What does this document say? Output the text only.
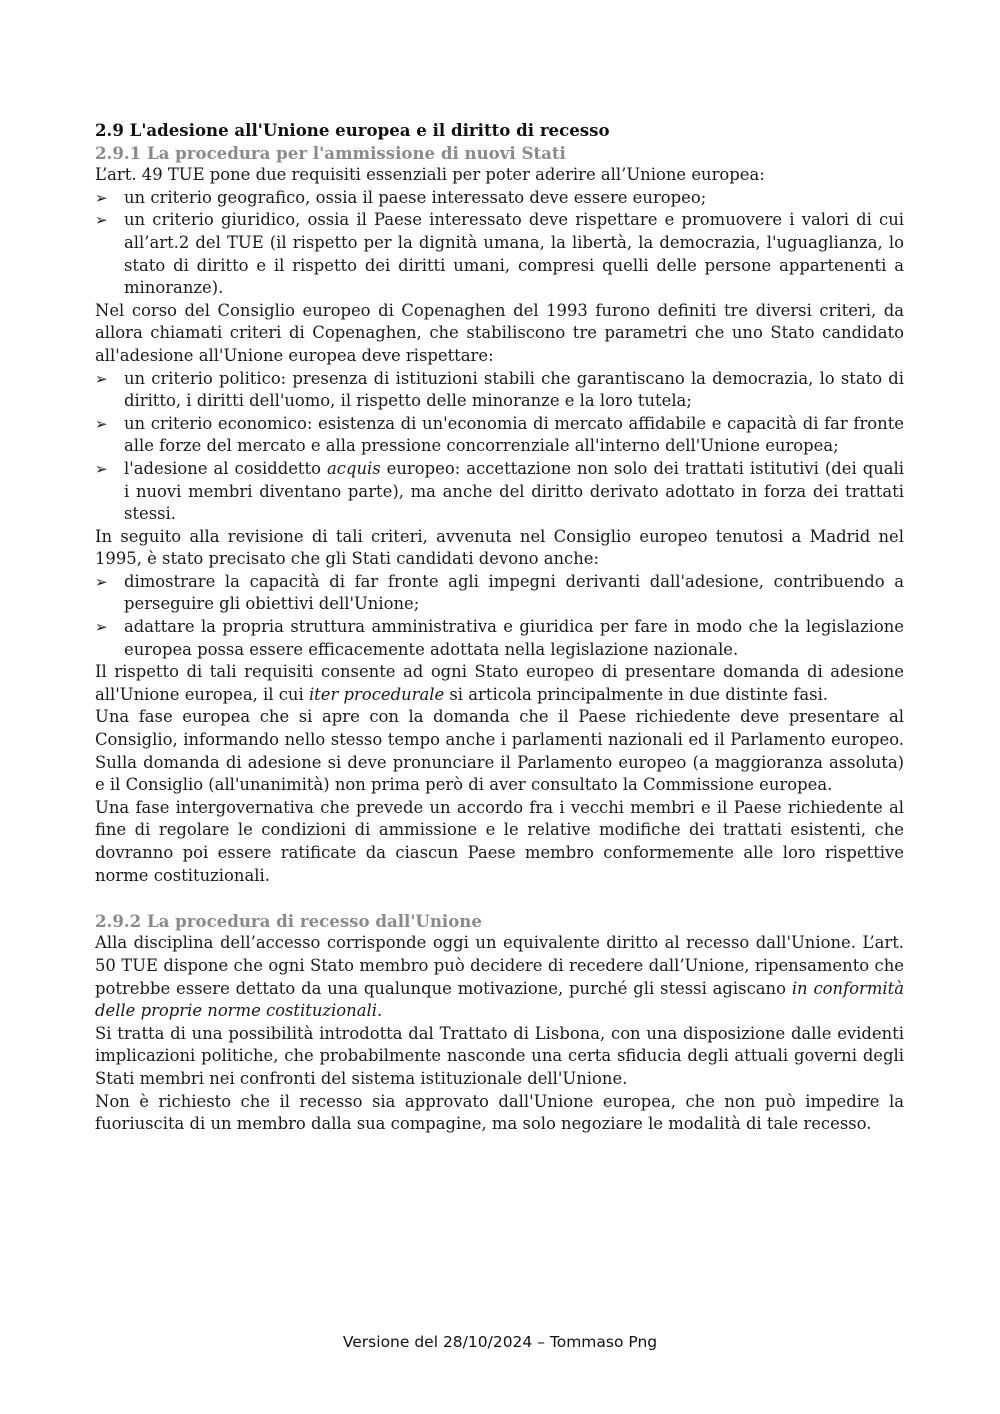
2.9 L'adesione all'Unione europea e il diritto di recesso
2.9.1 La procedura per l'ammissione di nuovi Stati

L’art. 49 TUE pone due requisiti essenziali per poter aderire all’Unione europea:

➢	un criterio geografico, ossia il paese interessato deve essere europeo;
➢	un criterio giuridico, ossia il Paese interessato deve rispettare e promuovere i valori di cui all’art.2 del TUE (il rispetto per la dignità umana, la libertà, la democrazia, l'uguaglianza, lo stato di diritto e il rispetto dei diritti umani, compresi quelli delle persone appartenenti a minoranze).

Nel corso del Consiglio europeo di Copenaghen del 1993 furono definiti tre diversi criteri, da allora chiamati criteri di Copenaghen, che stabiliscono tre parametri che uno Stato candidato all'adesione all'Unione europea deve rispettare:

➢	un criterio politico: presenza di istituzioni stabili che garantiscano la democrazia, lo stato di diritto, i diritti dell'uomo, il rispetto delle minoranze e la loro tutela;
➢	un criterio economico: esistenza di un'economia di mercato affidabile e capacità di far fronte alle forze del mercato e alla pressione concorrenziale all'interno dell'Unione europea;
➢	l'adesione al cosiddetto acquis europeo: accettazione non solo dei trattati istitutivi (dei quali i nuovi membri diventano parte), ma anche del diritto derivato adottato in forza dei trattati stessi.

In seguito alla revisione di tali criteri, avvenuta nel Consiglio europeo tenutosi a Madrid nel 1995, è stato precisato che gli Stati candidati devono anche:

➢	dimostrare la capacità di far fronte agli impegni derivanti dall'adesione, contribuendo a perseguire gli obiettivi dell'Unione;
➢	adattare la propria struttura amministrativa e giuridica per fare in modo che la legislazione europea possa essere efficacemente adottata nella legislazione nazionale.

Il rispetto di tali requisiti consente ad ogni Stato europeo di presentare domanda di adesione all'Unione europea, il cui iter procedurale si articola principalmente in due distinte fasi.

Una fase europea che si apre con la domanda che il Paese richiedente deve presentare al Consiglio, informando nello stesso tempo anche i parlamenti nazionali ed il Parlamento europeo. Sulla domanda di adesione si deve pronunciare il Parlamento europeo (a maggioranza assoluta) e il Consiglio (all'unanimità) non prima però di aver consultato la Commissione europea.

Una fase intergovernativa che prevede un accordo fra i vecchi membri e il Paese richiedente al fine di regolare le condizioni di ammissione e le relative modifiche dei trattati esistenti, che dovranno poi essere ratificate da ciascun Paese membro conformemente alle loro rispettive norme costituzionali.

2.9.2 La procedura di recesso dall'Unione

Alla disciplina dell’accesso corrisponde oggi un equivalente diritto al recesso dall'Unione. L’art. 50 TUE dispone che ogni Stato membro può decidere di recedere dall’Unione, ripensamento che potrebbe essere dettato da una qualunque motivazione, purché gli stessi agiscano in conformità delle proprie norme costituzionali.

Si tratta di una possibilità introdotta dal Trattato di Lisbona, con una disposizione dalle evidenti implicazioni politiche, che probabilmente nasconde una certa sfiducia degli attuali governi degli Stati membri nei confronti del sistema istituzionale dell'Unione.

Non è richiesto che il recesso sia approvato dall'Unione europea, che non può impedire la fuoriuscita di un membro dalla sua compagine, ma solo negoziare le modalità di tale recesso.

Versione del 28/10/2024 – Tommaso Png
